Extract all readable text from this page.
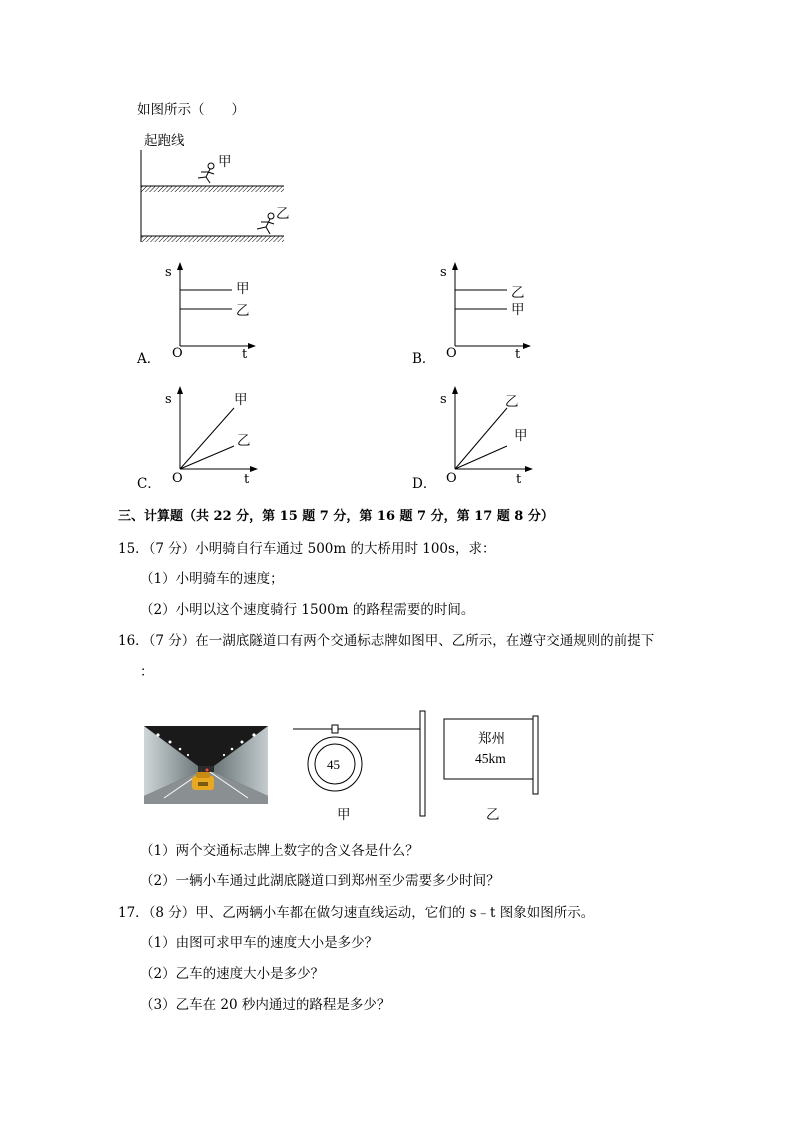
如图所示（　　）
起跑线
甲
乙
A．
s
O	t
甲
乙
B．
s
O	t
乙
甲
C．
s
O	t
甲
乙
D．
s
O	t
乙
甲
三、计算题（共 22 分，第 15 题 7 分，第 16 题 7 分，第 17 题 8 分）
15．（7 分）小明骑自行车通过 500m 的大桥用时 100s，求：
（1）小明骑车的速度；
（2）小明以这个速度骑行 1500m 的路程需要的时间。
16．（7 分）在一湖底隧道口有两个交通标志牌如图甲、乙所示，在遵守交通规则的前提下
：
45
郑州
45km
甲	乙
（1）两个交通标志牌上数字的含义各是什么？
（2）一辆小车通过此湖底隧道口到郑州至少需要多少时间？
17．（8 分）甲、乙两辆小车都在做匀速直线运动，它们的 s﹣t 图象如图所示。
（1）由图可求甲车的速度大小是多少？
（2）乙车的速度大小是多少？
（3）乙车在 20 秒内通过的路程是多少？
